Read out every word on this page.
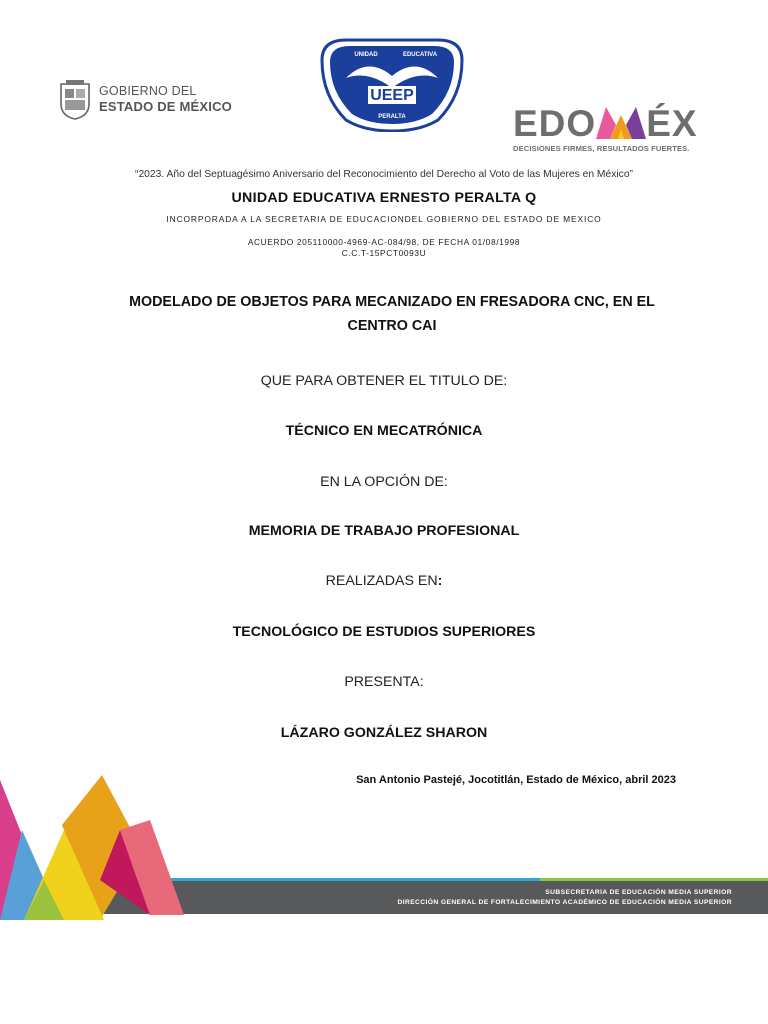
GOBIERNO DEL
ESTADO DE MÉXICO
UEEP
UNIDAD	EDUCATIVA
PERALTA	EDO ÉX
DECISIONES FIRMES, RESULTADOS FUERTES.
“2023. Año del Septuagésimo Aniversario del Reconocimiento del Derecho al Voto de las Mujeres en México”
UNIDAD EDUCATIVA ERNESTO PERALTA Q
INCORPORADA A LA SECRETARIA DE EDUCACIONDEL GOBIERNO DEL ESTADO DE MEXICO
ACUERDO 205110000-4969-AC-084/98, DE FECHA 01/08/1998
C.C.T-15PCT0093U
MODELADO DE OBJETOS PARA MECANIZADO EN FRESADORA CNC, EN EL CENTRO CAI
QUE PARA OBTENER EL TITULO DE:
TÉCNICO EN MECATRÓNICA
EN LA OPCIÓN DE:
MEMORIA DE TRABAJO PROFESIONAL
REALIZADAS EN:
TECNOLÓGICO DE ESTUDIOS SUPERIORES
PRESENTA:
LÁZARO GONZÁLEZ SHARON
San Antonio Pastejé, Jocotitlán, Estado de México, abril 2023
SUBSECRETARIA DE EDUCACIÓN MEDIA SUPERIOR
DIRECCIÓN GENERAL DE FORTALECIMIENTO ACADÉMICO DE EDUCACIÓN MEDIA SUPERIOR
